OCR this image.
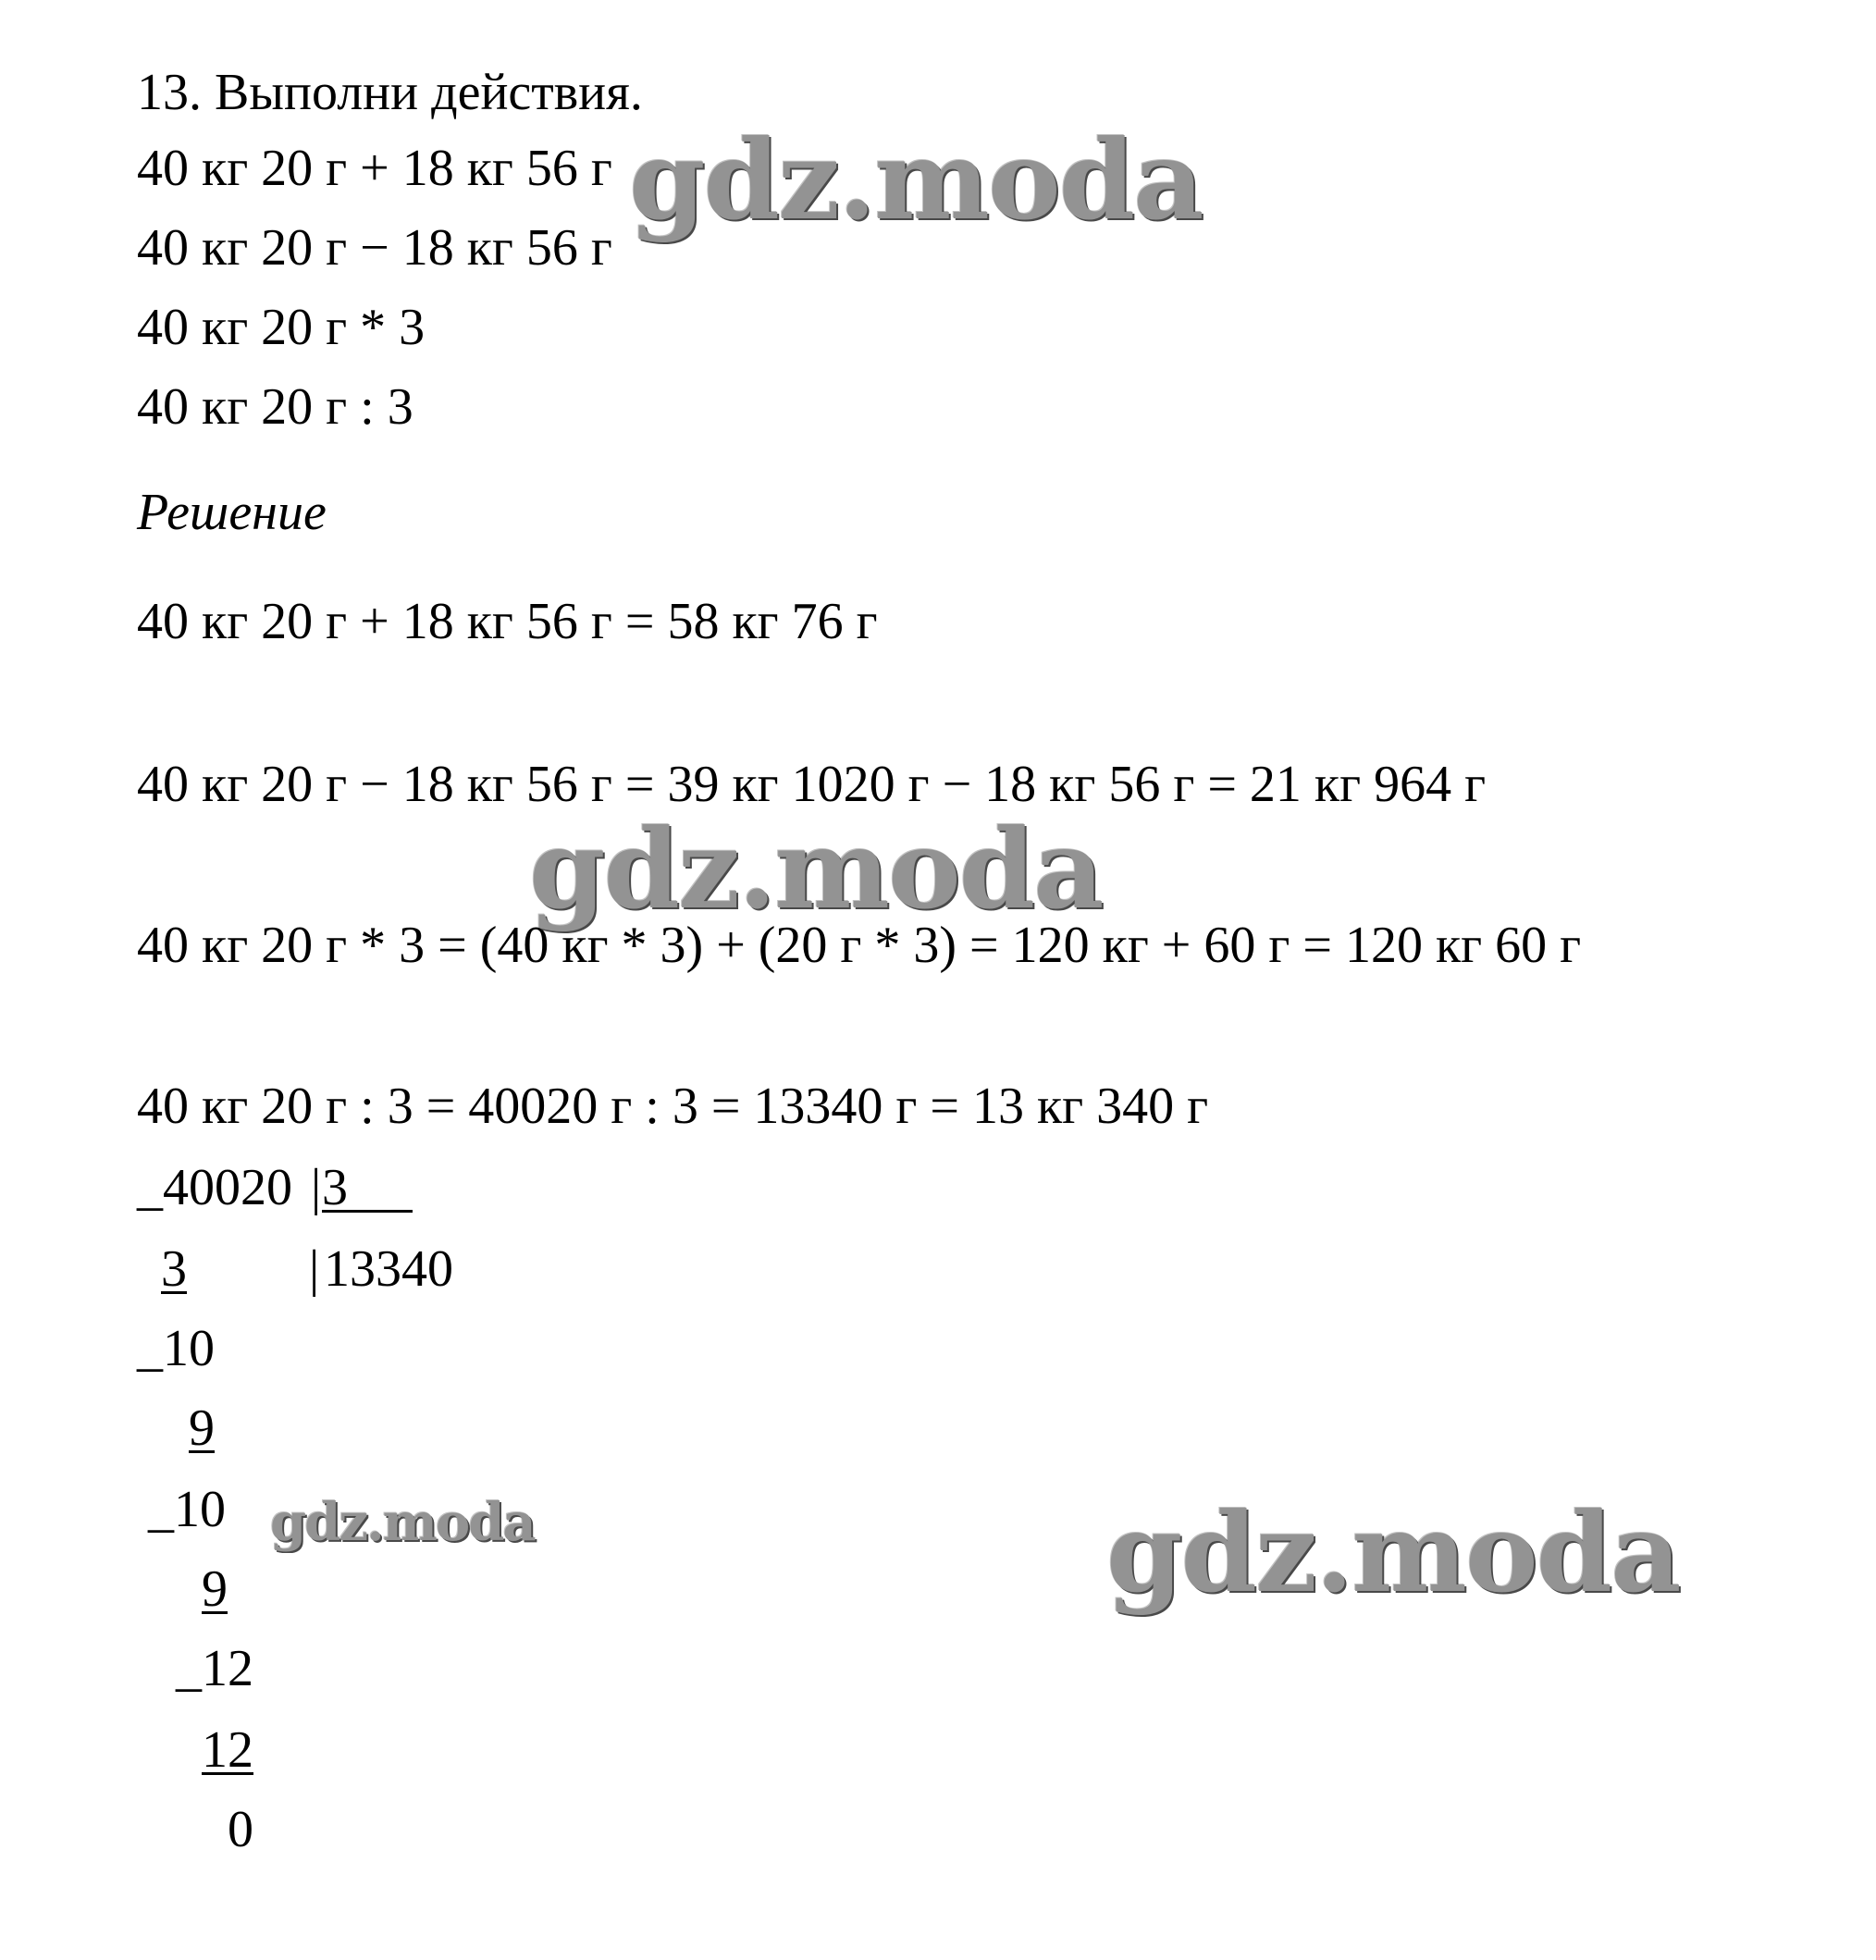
13. Выполни действия.
40 кг 20 г + 18 кг 56 г
40 кг 20 г − 18 кг 56 г
40 кг 20 г * 3
40 кг 20 г : 3
Решение
40 кг 20 г + 18 кг 56 г = 58 кг 76 г
40 кг 20 г − 18 кг 56 г = 39 кг 1020 г − 18 кг 56 г = 21 кг 964 г
40 кг 20 г * 3 = (40 кг * 3) + (20 г * 3) = 120 кг + 60 г = 120 кг 60 г
40 кг 20 г : 3 = 40020 г : 3 = 13340 г = 13 кг 340 г
_40020 | 3
3 | 13340
_10
9
_10
9
_12
12
0
gdz.moda
gdz.moda
gdz.moda	gdz.moda
